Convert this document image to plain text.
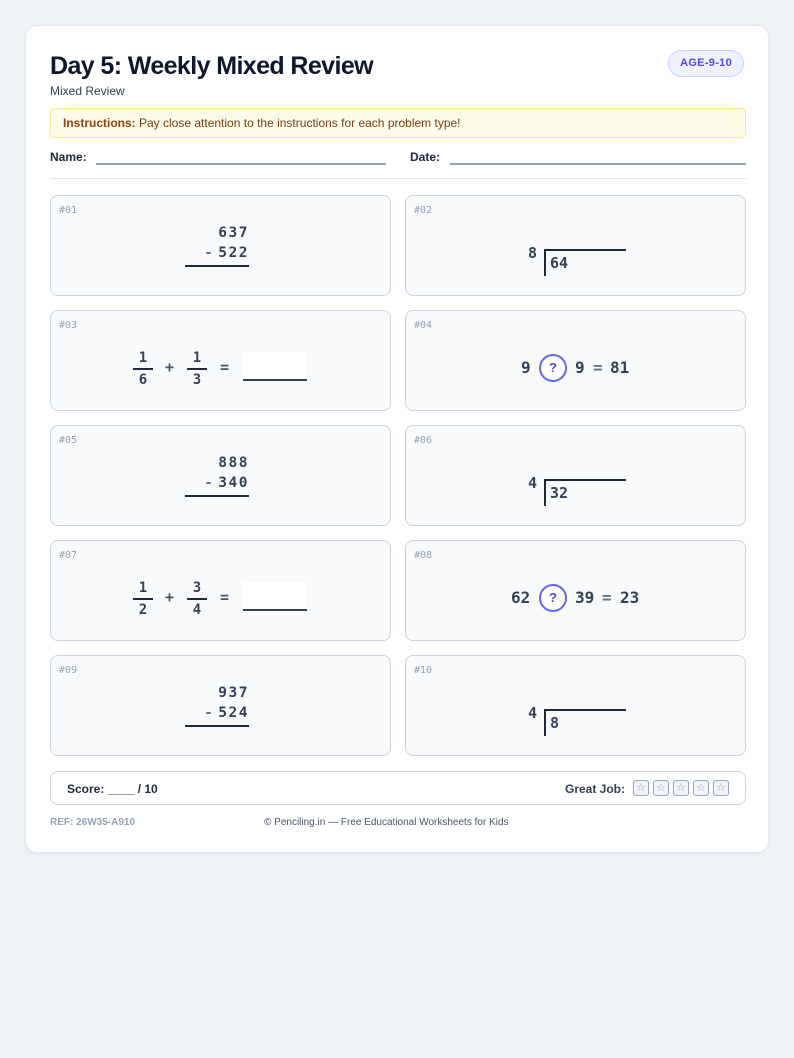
Day 5: Weekly Mixed Review
Mixed Review
AGE-9-10
Instructions: Pay close attention to the instructions for each problem type!
Name:	Date:
#01
637
- 522
#02
8
64
#03
1
6
+	1
3
=
#04
9	?	9 = 81
#05
888
- 340
#06
4
32
#07
1
2
+	3
4
=
#08
62	?	39 = 23
#09
937
- 524
#10
4
8
Score: ____ / 10	Great Job: ☆ ☆ ☆ ☆ ☆
REF: 26W35-A910	© Penciling.in — Free Educational Worksheets for Kids
